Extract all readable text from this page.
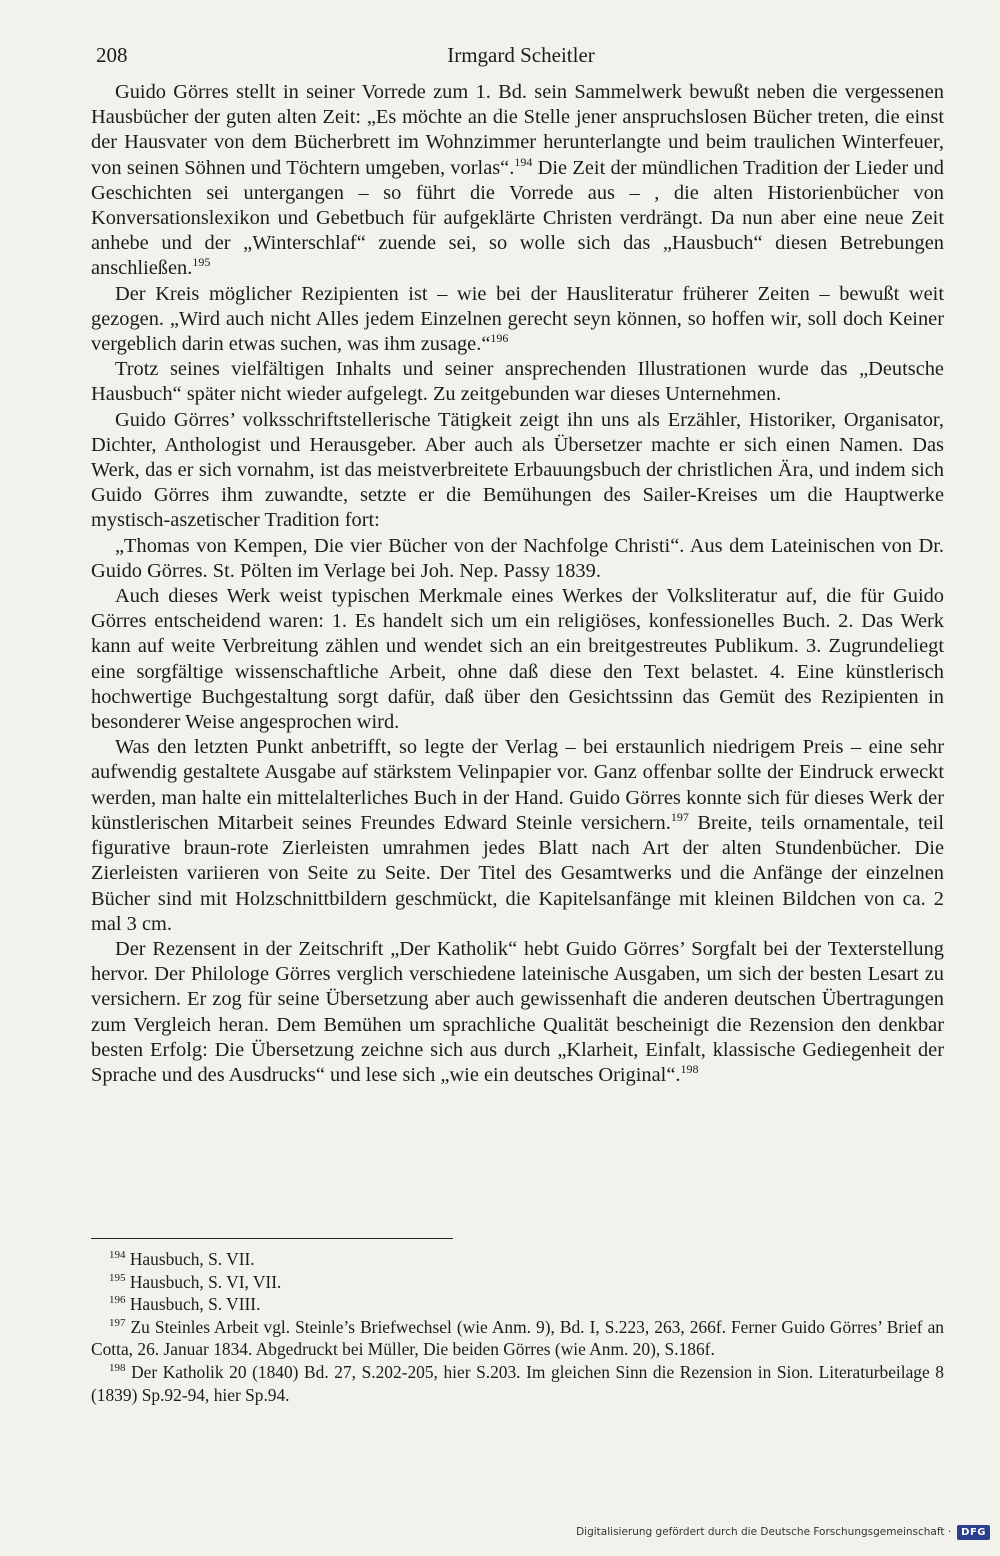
208	Irmgard Scheitler

Guido Görres stellt in seiner Vorrede zum 1. Bd. sein Sammelwerk bewußt neben die vergessenen Hausbücher der guten alten Zeit: „Es möchte an die Stelle jener anspruchslosen Bücher treten, die einst der Hausvater von dem Bücherbrett im Wohnzimmer herunterlangte und beim traulichen Winterfeuer, von seinen Söhnen und Töchtern umgeben, vorlas“.$^{194}$ Die Zeit der mündlichen Tradition der Lieder und Geschichten sei untergangen – so führt die Vorrede aus – , die alten Historienbücher von Konversationslexikon und Gebetbuch für aufgeklärte Christen verdrängt. Da nun aber eine neue Zeit anhebe und der „Winterschlaf“ zuende sei, so wolle sich das „Hausbuch“ diesen Betrebungen anschließen.$^{195}$

Der Kreis möglicher Rezipienten ist – wie bei der Hausliteratur früherer Zeiten – bewußt weit gezogen. „Wird auch nicht Alles jedem Einzelnen gerecht seyn können, so hoffen wir, soll doch Keiner vergeblich darin etwas suchen, was ihm zusage.“$^{196}$

Trotz seines vielfältigen Inhalts und seiner ansprechenden Illustrationen wurde das „Deutsche Hausbuch“ später nicht wieder aufgelegt. Zu zeitgebunden war dieses Unternehmen.

Guido Görres’ volksschriftstellerische Tätigkeit zeigt ihn uns als Erzähler, Historiker, Organisator, Dichter, Anthologist und Herausgeber. Aber auch als Übersetzer machte er sich einen Namen. Das Werk, das er sich vornahm, ist das meistverbreitete Erbauungsbuch der christlichen Ära, und indem sich Guido Görres ihm zuwandte, setzte er die Bemühungen des Sailer-Kreises um die Hauptwerke mystisch-aszetischer Tradition fort:

„Thomas von Kempen, Die vier Bücher von der Nachfolge Christi“. Aus dem Lateinischen von Dr. Guido Görres. St. Pölten im Verlage bei Joh. Nep. Passy 1839.

Auch dieses Werk weist typischen Merkmale eines Werkes der Volksliteratur auf, die für Guido Görres entscheidend waren: 1. Es handelt sich um ein religiöses, konfessionelles Buch. 2. Das Werk kann auf weite Verbreitung zählen und wendet sich an ein breitgestreutes Publikum. 3. Zugrundeliegt eine sorgfältige wissenschaftliche Arbeit, ohne daß diese den Text belastet. 4. Eine künstlerisch hochwertige Buchgestaltung sorgt dafür, daß über den Gesichtssinn das Gemüt des Rezipienten in besonderer Weise angesprochen wird.

Was den letzten Punkt anbetrifft, so legte der Verlag – bei erstaunlich niedrigem Preis – eine sehr aufwendig gestaltete Ausgabe auf stärkstem Velinpapier vor. Ganz offenbar sollte der Eindruck erweckt werden, man halte ein mittelalterliches Buch in der Hand. Guido Görres konnte sich für dieses Werk der künstlerischen Mitarbeit seines Freundes Edward Steinle versichern.$^{197}$ Breite, teils ornamentale, teil figurative braun-rote Zierleisten umrahmen jedes Blatt nach Art der alten Stundenbücher. Die Zierleisten variieren von Seite zu Seite. Der Titel des Gesamtwerks und die Anfänge der einzelnen Bücher sind mit Holzschnittbildern geschmückt, die Kapitelsanfänge mit kleinen Bildchen von ca. 2 mal 3 cm.

Der Rezensent in der Zeitschrift „Der Katholik“ hebt Guido Görres’ Sorgfalt bei der Texterstellung hervor. Der Philologe Görres verglich verschiedene lateinische Ausgaben, um sich der besten Lesart zu versichern. Er zog für seine Übersetzung aber auch gewissenhaft die anderen deutschen Übertragungen zum Vergleich heran. Dem Bemühen um sprachliche Qualität bescheinigt die Rezension den denkbar besten Erfolg: Die Übersetzung zeichne sich aus durch „Klarheit, Einfalt, klassische Gediegenheit der Sprache und des Ausdrucks“ und lese sich „wie ein deutsches Original“.$^{198}$

$^{194}$ Hausbuch, S. VII.

$^{195}$ Hausbuch, S. VI, VII.

$^{196}$ Hausbuch, S. VIII.

$^{197}$ Zu Steinles Arbeit vgl. Steinle’s Briefwechsel (wie Anm. 9), Bd. I, S.223, 263, 266f. Ferner Guido Görres’ Brief an Cotta, 26. Januar 1834. Abgedruckt bei Müller, Die beiden Görres (wie Anm. 20), S.186f.

$^{198}$ Der Katholik 20 (1840) Bd. 27, S.202-205, hier S.203. Im gleichen Sinn die Rezension in Sion. Literaturbeilage 8 (1839) Sp.92-94, hier Sp.94.

Digitalisierung gefördert durch die Deutsche Forschungsgemeinschaft ·	DFG
